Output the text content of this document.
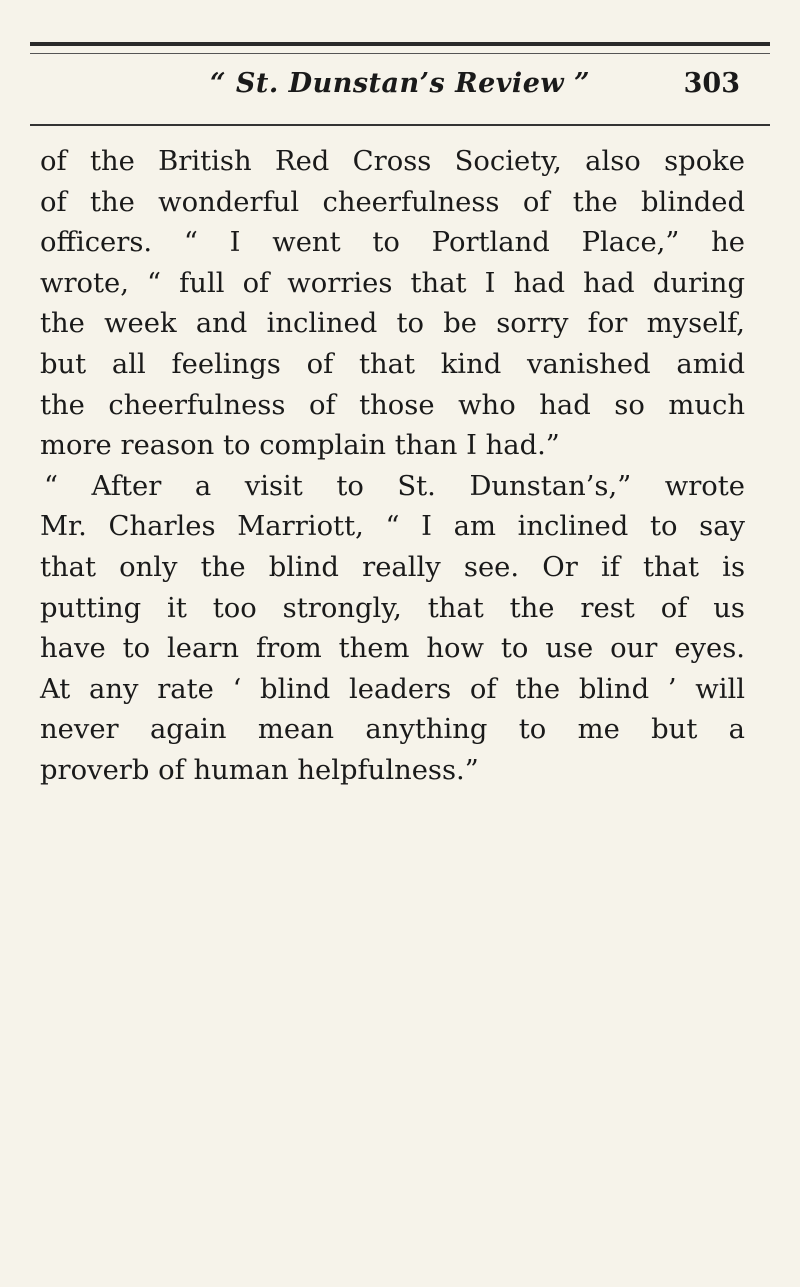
“ St. Dunstan’s Review ”	303
of the British Red Cross Society, also spoke
of the wonderful cheerfulness of the blinded
officers. “ I went to Portland Place,” he
wrote, “ full of worries that I had had during
the week and inclined to be sorry for myself,
but all feelings of that kind vanished amid
the cheerfulness of those who had so much
more reason to complain than I had.”
“ After a visit to St. Dunstan’s,” wrote
Mr. Charles Marriott, “ I am inclined to say
that only the blind really see. Or if that is
putting it too strongly, that the rest of us
have to learn from them how to use our eyes.
At any rate ‘ blind leaders of the blind ’ will
never again mean anything to me but a
proverb of human helpfulness.”
